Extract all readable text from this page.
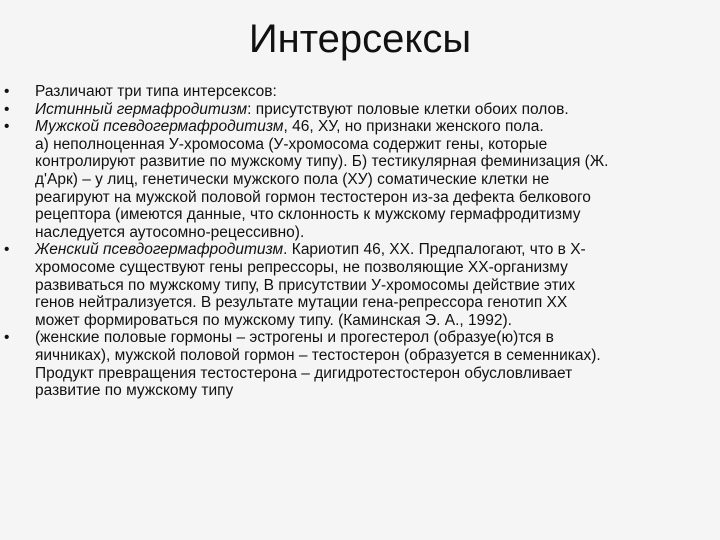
Интерсексы
• Различают три типа интерсексов:
• Истинный гермафродитизм: присутствуют половые клетки обоих полов.
• Мужской псевдогермафродитизм, 46, ХУ, но признаки женского пола.
а) неполноценная У-хромосома (У-хромосома содержит гены, которые
контролируют развитие по мужскому типу). Б) тестикулярная феминизация (Ж.
д'Арк) – у лиц, генетически мужского пола (ХУ) соматические клетки не
реагируют на мужской половой гормон тестостерон из-за дефекта белкового
рецептора (имеются данные, что склонность к мужскому гермафродитизму
наследуется аутосомно-рецессивно).
• Женский псевдогермафродитизм. Кариотип 46, ХХ. Предпалогают, что в Х-
хромосоме существуют гены репрессоры, не позволяющие ХХ-организму
развиваться по мужскому типу, В присутствии У-хромосомы действие этих
генов нейтрализуется. В результате мутации гена-репрессора генотип ХХ
может формироваться по мужскому типу. (Каминская Э. А., 1992).
• (женские половые гормоны – эстрогены и прогестерол (образуе(ю)тся в
яичниках), мужской половой гормон – тестостерон (образуется в семенниках).
Продукт превращения тестостерона – дигидротестостерон обусловливает
развитие по мужскому типу
